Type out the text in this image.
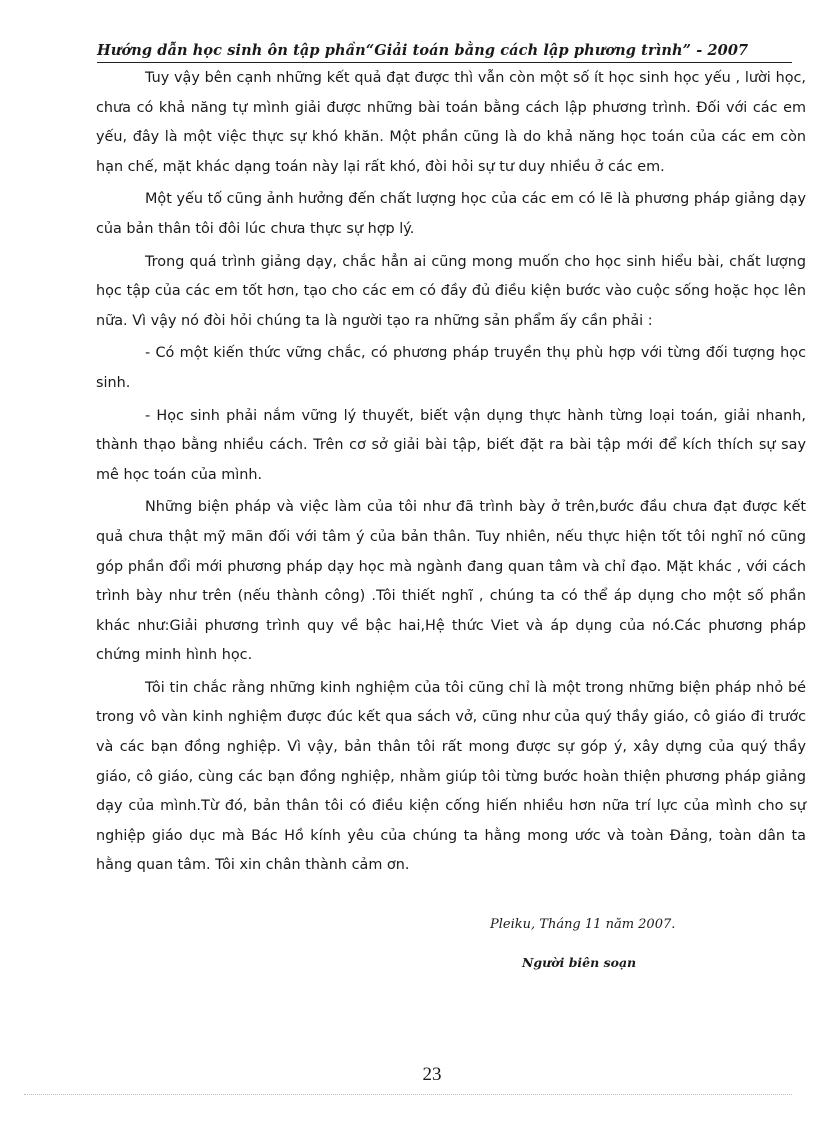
Hướng dẫn học sinh ôn tập phần“Giải toán bằng cách lập phương trình” - 2007

Tuy vậy bên cạnh những kết quả đạt được thì vẫn còn một số ít học sinh học yếu , lười học, chưa có khả năng tự mình giải được những bài toán bằng cách lập phương trình. Đối với các em yếu, đây là một việc thực sự khó khăn. Một phần cũng là do khả năng học toán của các em còn hạn chế, mặt khác dạng toán này lại rất khó, đòi hỏi sự tư duy nhiều ở các em.

Một yếu tố cũng ảnh hưởng đến chất lượng học của các em có lẽ là phương pháp giảng dạy của bản thân tôi đôi lúc chưa thực sự hợp lý.

Trong quá trình giảng dạy, chắc hẳn ai cũng mong muốn cho học sinh hiểu bài, chất lượng học tập của các em tốt hơn, tạo cho các em có đầy đủ điều kiện bước vào cuộc sống hoặc học lên nữa. Vì vậy nó đòi hỏi chúng ta là người tạo ra những sản phẩm ấy cần phải :

- Có một kiến thức vững chắc, có phương pháp truyền thụ phù hợp với từng đối tượng học sinh.

- Học sinh phải nắm vững lý thuyết, biết vận dụng thực hành từng loại toán, giải nhanh, thành thạo bằng nhiều cách. Trên cơ sở giải bài tập, biết đặt ra bài tập mới để kích thích sự say mê học toán của mình.

Những biện pháp và việc làm của tôi như đã trình bày ở trên,bước đầu chưa đạt được kết quả chưa thật mỹ mãn đối với tâm ý của bản thân. Tuy nhiên, nếu thực hiện tốt tôi nghĩ nó cũng góp phần đổi mới phương pháp dạy học mà ngành đang quan tâm và chỉ đạo. Mặt khác , với cách trình bày như trên (nếu thành công) .Tôi thiết nghĩ , chúng ta có thể áp dụng cho một số phần khác như:Giải phương trình quy về bậc hai,Hệ thức Viet và áp dụng của nó.Các phương pháp chứng minh hình học.

Tôi tin chắc rằng những kinh nghiệm của tôi cũng chỉ là một trong những biện pháp nhỏ bé trong vô vàn kinh nghiệm được đúc kết qua sách vở, cũng như của quý thầy giáo, cô giáo đi trước và các bạn đồng nghiệp. Vì vậy, bản thân tôi rất mong được sự góp ý, xây dựng của quý thầy giáo, cô giáo, cùng các bạn đồng nghiệp, nhằm giúp tôi từng bước hoàn thiện phương pháp giảng dạy của mình.Từ đó, bản thân tôi có điều kiện cống hiến nhiều hơn nữa trí lực của mình cho sự nghiệp giáo dục mà Bác Hồ kính yêu của chúng ta hằng mong ước và toàn Đảng, toàn dân ta hằng quan tâm. Tôi xin chân thành cảm ơn.

Pleiku, Tháng 11 năm 2007.
Người biên soạn
23
